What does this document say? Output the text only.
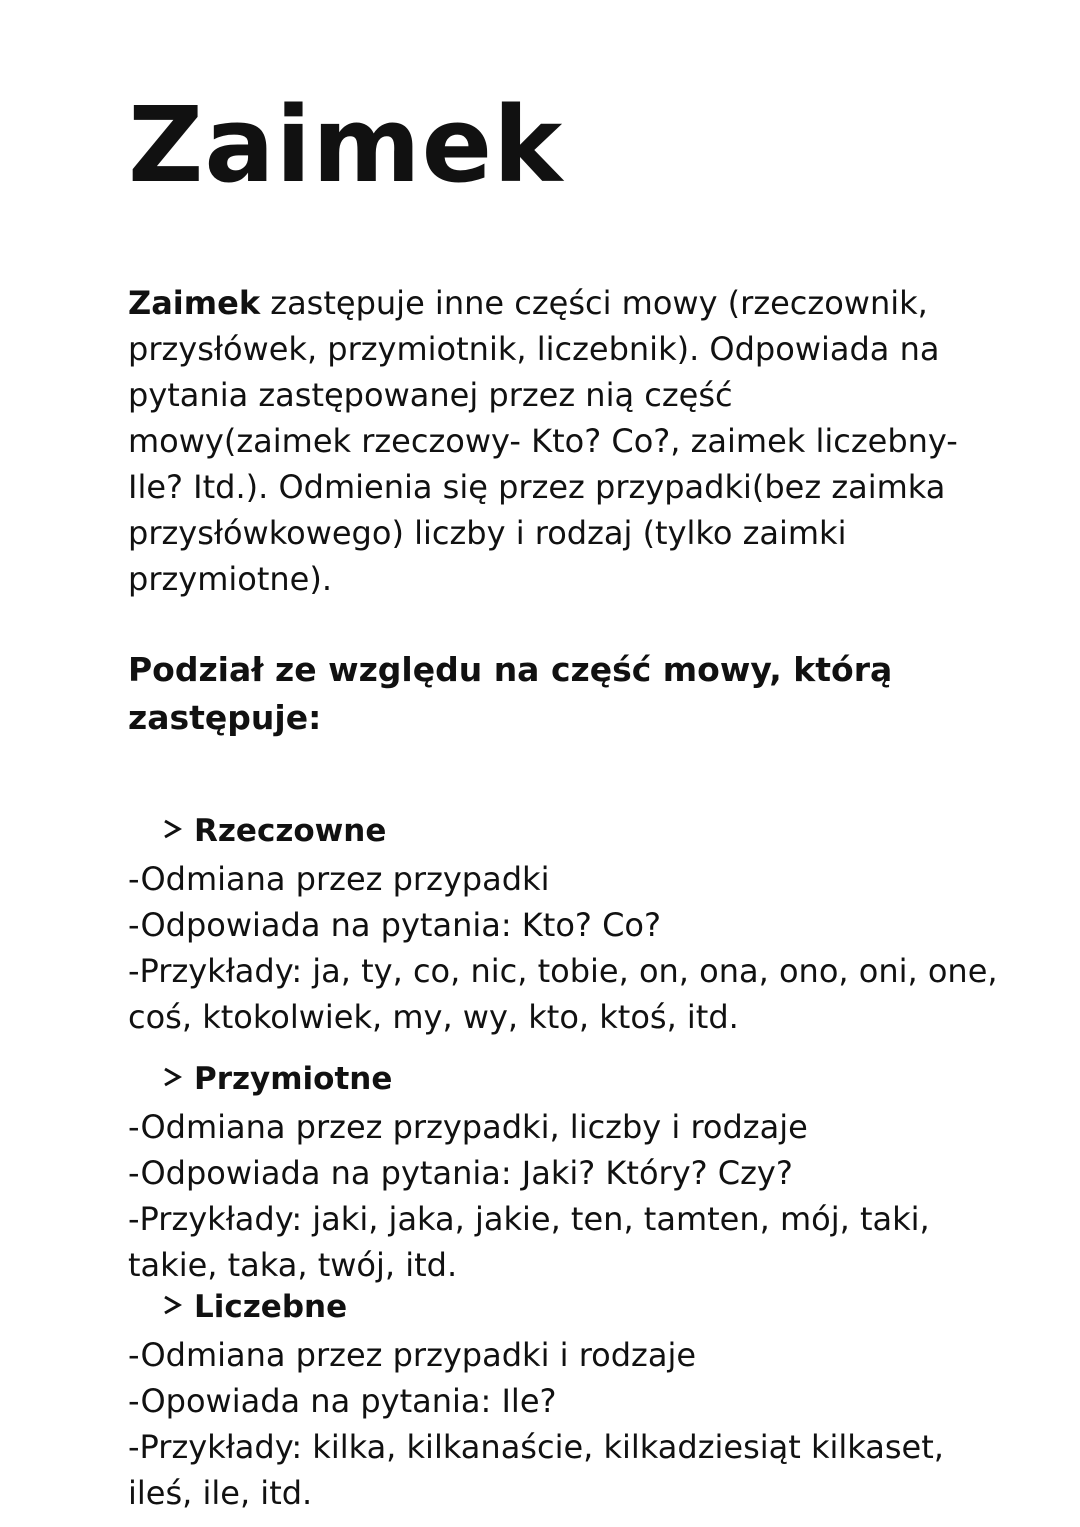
Zaimek

Zaimek zastępuje inne części mowy (rzeczownik, przysłówek, przymiotnik, liczebnik). Odpowiada na pytania zastępowanej przez nią część mowy(zaimek rzeczowy- Kto? Co?, zaimek liczebny- Ile? Itd.). Odmienia się przez przypadki(bez zaimka przysłówkowego) liczby i rodzaj (tylko zaimki przymiotne).

Podział ze względu na część mowy, którą zastępuje:
Rzeczowne

-Odmiana przez przypadki

-Odpowiada na pytania: Kto? Co?

-Przykłady: ja, ty, co, nic, tobie, on, ona, ono, oni, one, coś, ktokolwiek, my, wy, kto, ktoś, itd.

Przymiotne

-Odmiana przez przypadki, liczby i rodzaje

-Odpowiada na pytania: Jaki? Który? Czy?

-Przykłady: jaki, jaka, jakie, ten, tamten, mój, taki, takie, taka, twój, itd.

Liczebne

-Odmiana przez przypadki i rodzaje

-Opowiada na pytania: Ile?

-Przykłady: kilka, kilkanaście, kilkadziesiąt kilkaset, ileś, ile, itd.
